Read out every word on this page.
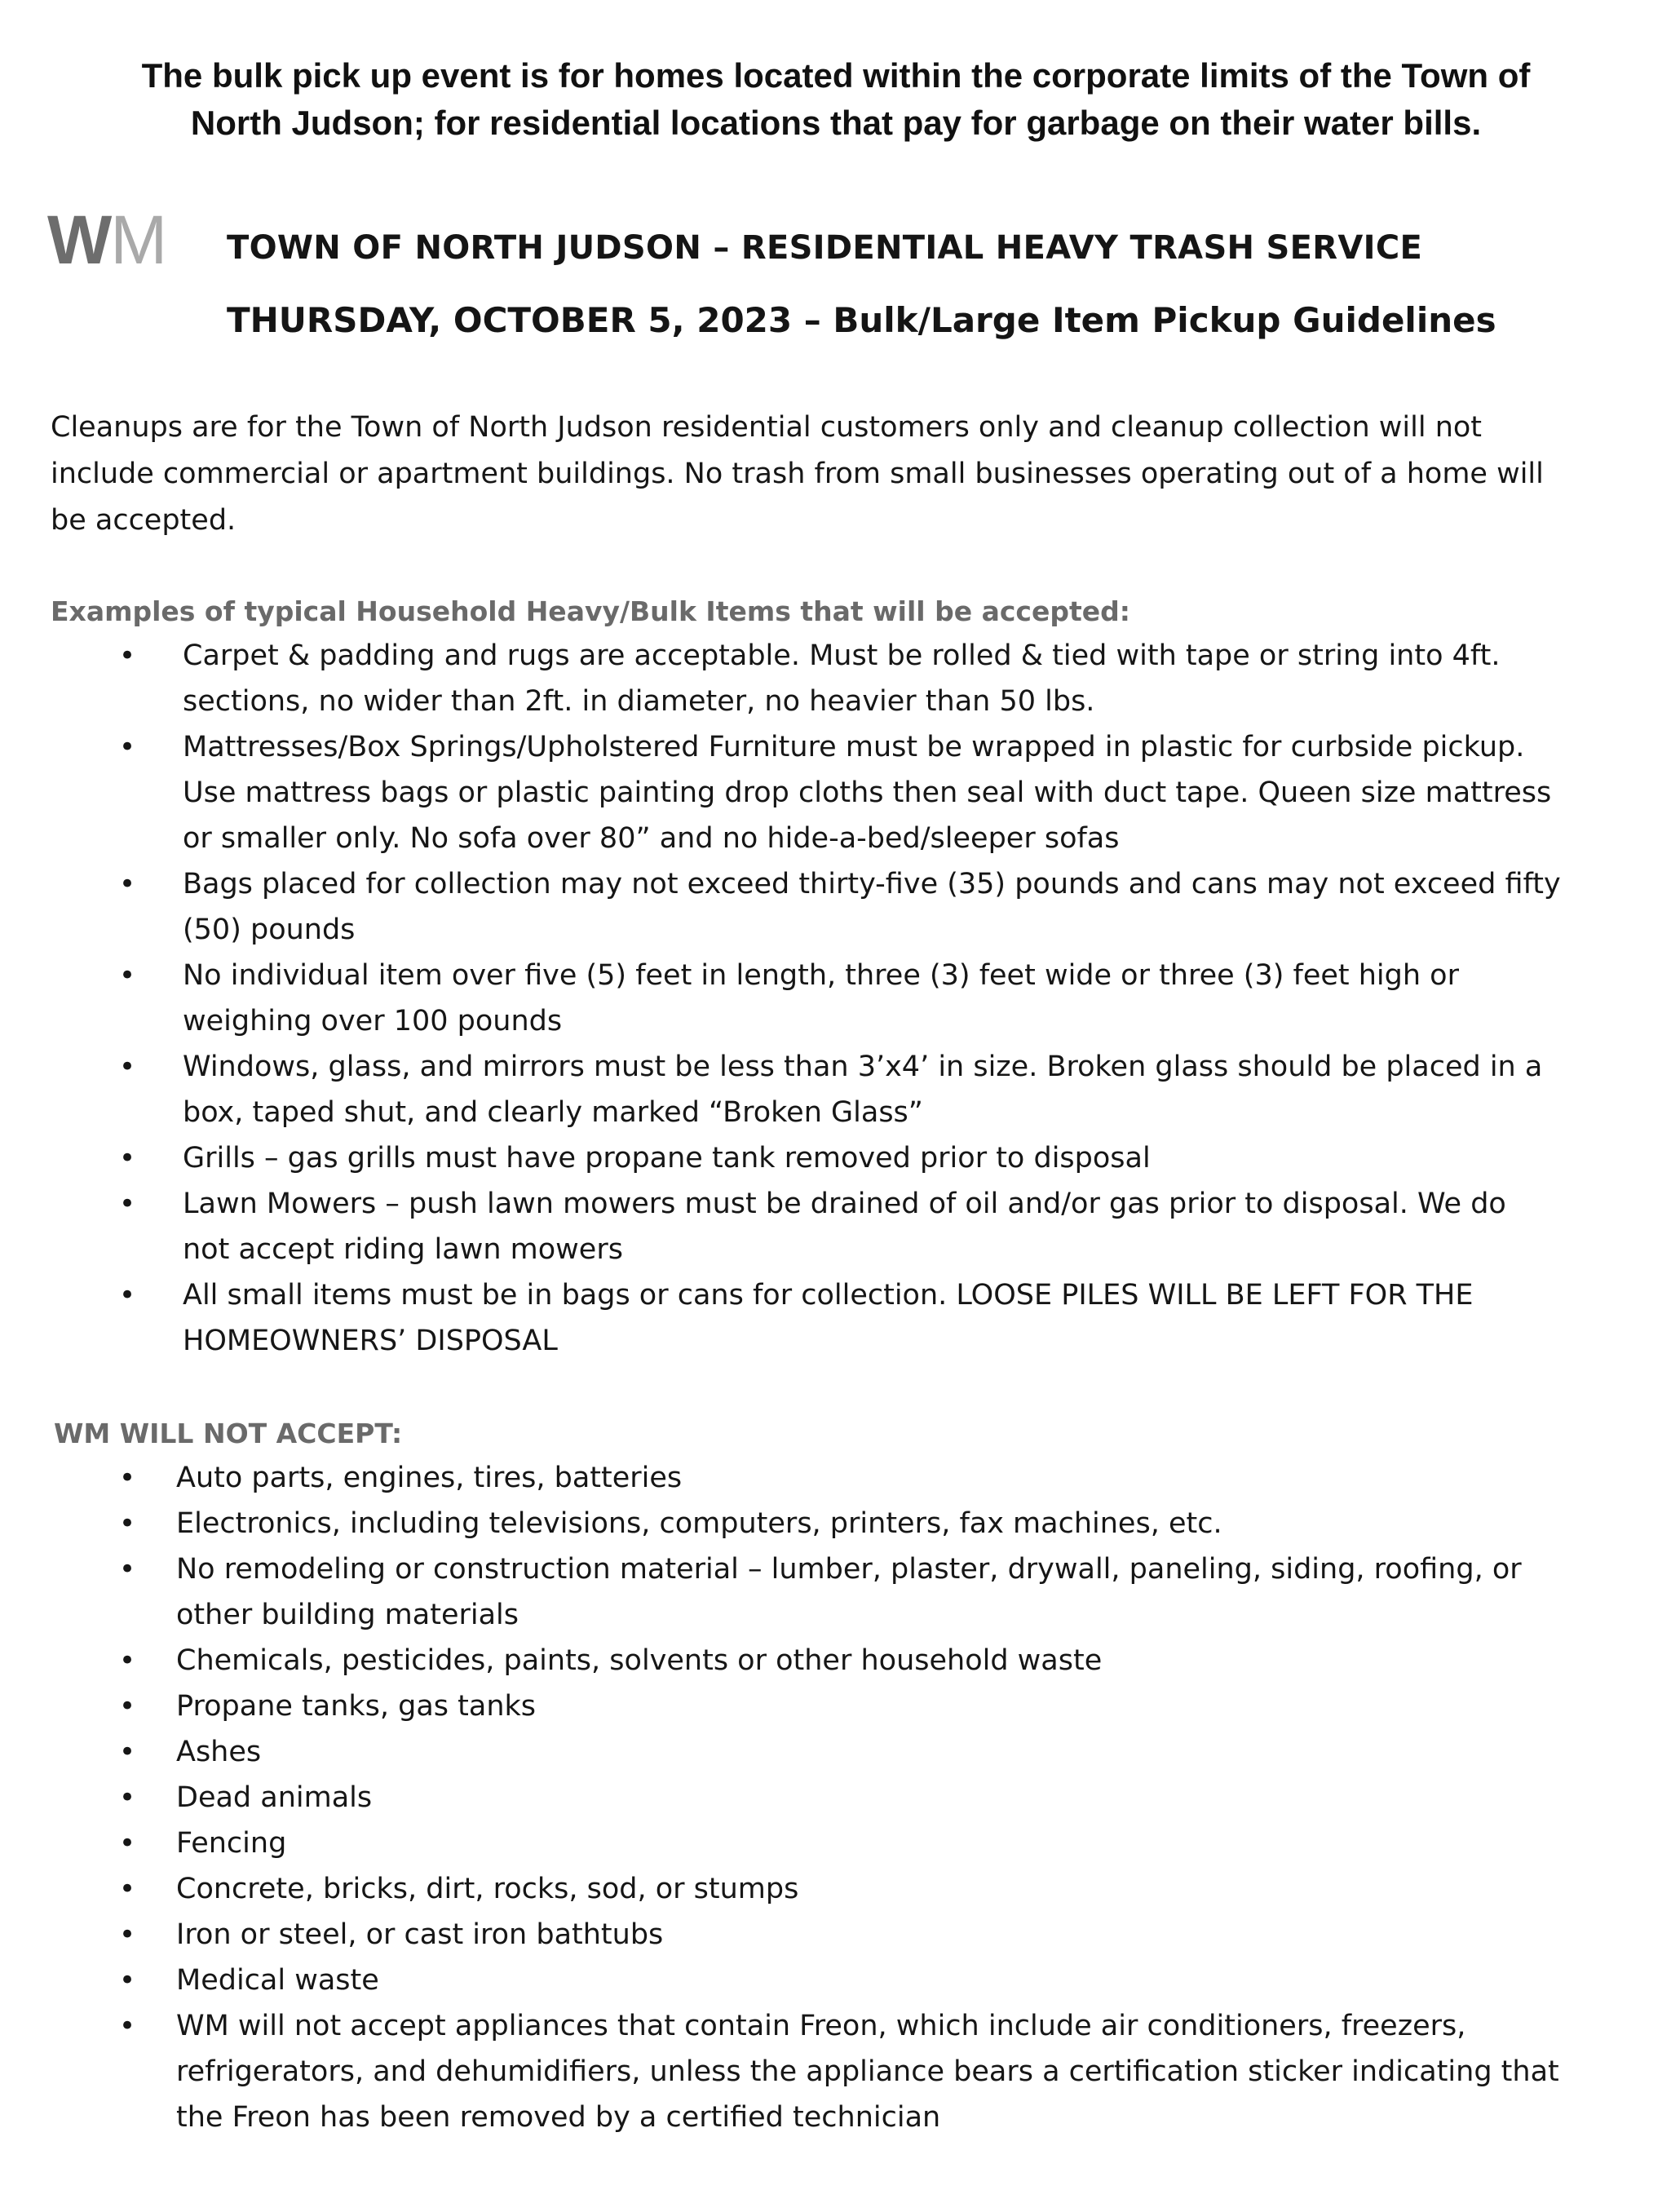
The bulk pick up event is for homes located within the corporate limits of the Town of
North Judson; for residential locations that pay for garbage on their water bills.
WM TOWN OF NORTH JUDSON – RESIDENTIAL HEAVY TRASH SERVICE
THURSDAY, OCTOBER 5, 2023 – Bulk/Large Item Pickup Guidelines
Cleanups are for the Town of North Judson residential customers only and cleanup collection will not
include commercial or apartment buildings. No trash from small businesses operating out of a home will
be accepted.
Examples of typical Household Heavy/Bulk Items that will be accepted:
• Carpet & padding and rugs are acceptable. Must be rolled & tied with tape or string into 4ft.
sections, no wider than 2ft. in diameter, no heavier than 50 lbs.
• Mattresses/Box Springs/Upholstered Furniture must be wrapped in plastic for curbside pickup.
Use mattress bags or plastic painting drop cloths then seal with duct tape. Queen size mattress
or smaller only. No sofa over 80” and no hide-a-bed/sleeper sofas
• Bags placed for collection may not exceed thirty-five (35) pounds and cans may not exceed fifty
(50) pounds
• No individual item over five (5) feet in length, three (3) feet wide or three (3) feet high or
weighing over 100 pounds
• Windows, glass, and mirrors must be less than 3’x4’ in size. Broken glass should be placed in a
box, taped shut, and clearly marked “Broken Glass”
• Grills – gas grills must have propane tank removed prior to disposal
• Lawn Mowers – push lawn mowers must be drained of oil and/or gas prior to disposal. We do
not accept riding lawn mowers
• All small items must be in bags or cans for collection. LOOSE PILES WILL BE LEFT FOR THE
HOMEOWNERS’ DISPOSAL
WM WILL NOT ACCEPT:
• Auto parts, engines, tires, batteries
• Electronics, including televisions, computers, printers, fax machines, etc.
• No remodeling or construction material – lumber, plaster, drywall, paneling, siding, roofing, or
other building materials
• Chemicals, pesticides, paints, solvents or other household waste
• Propane tanks, gas tanks
• Ashes
• Dead animals
• Fencing
• Concrete, bricks, dirt, rocks, sod, or stumps
• Iron or steel, or cast iron bathtubs
• Medical waste
• WM will not accept appliances that contain Freon, which include air conditioners, freezers,
refrigerators, and dehumidifiers, unless the appliance bears a certification sticker indicating that
the Freon has been removed by a certified technician
